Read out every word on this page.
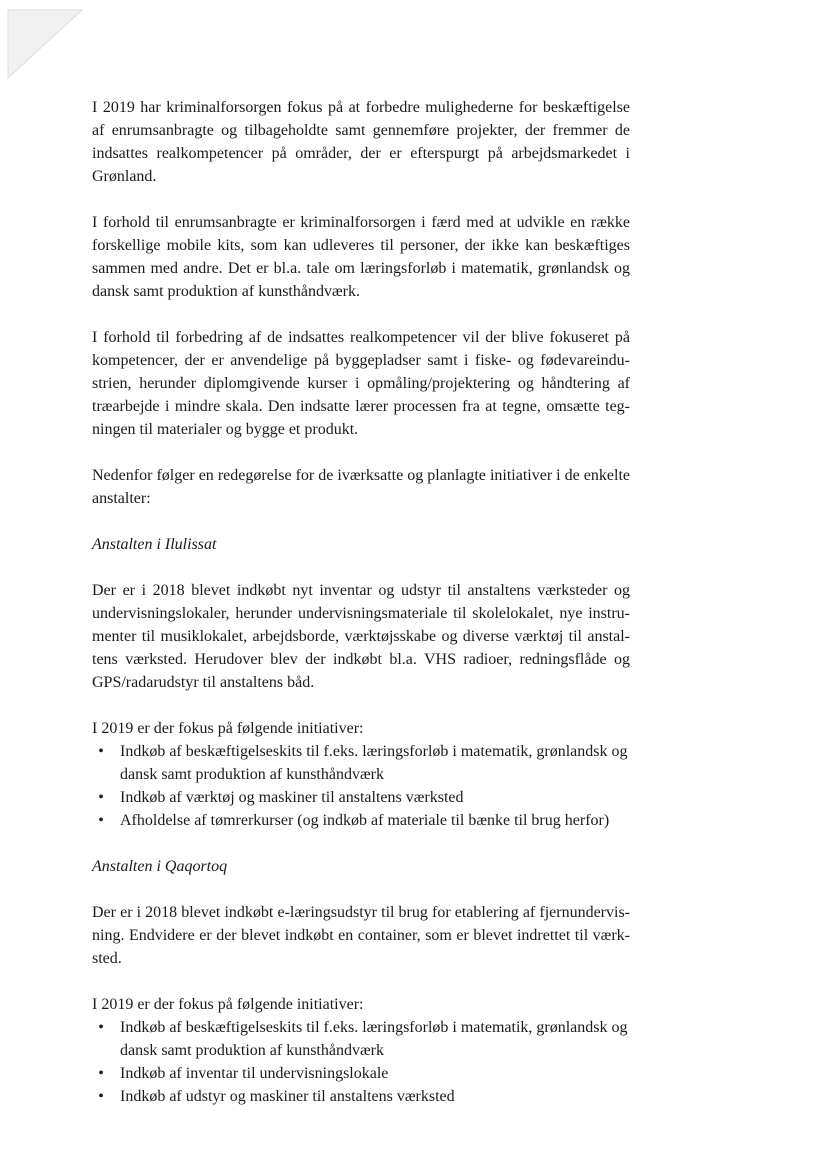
I 2019 har kriminalforsorgen fokus på at forbedre mulighederne for beskæftigelse af enrumsanbragte og tilbageholdte samt gennemføre projekter, der fremmer de indsattes realkompetencer på områder, der er efterspurgt på arbejdsmarkedet i Grønland.

I forhold til enrumsanbragte er kriminalforsorgen i færd med at udvikle en række forskellige mobile kits, som kan udleveres til personer, der ikke kan beskæftiges sammen med andre. Det er bl.a. tale om læringsforløb i matematik, grønlandsk og dansk samt produktion af kunsthåndværk.

I forhold til forbedring af de indsattes realkompetencer vil der blive fokuseret på kompetencer, der er anvendelige på byggepladser samt i fiske- og fødevareindustrien, herunder diplomgivende kurser i opmåling/projektering og håndtering af træarbejde i mindre skala. Den indsatte lærer processen fra at tegne, omsætte tegningen til materialer og bygge et produkt.

Nedenfor følger en redegørelse for de iværksatte og planlagte initiativer i de enkelte anstalter:

Anstalten i Ilulissat

Der er i 2018 blevet indkøbt nyt inventar og udstyr til anstaltens værksteder og undervisningslokaler, herunder undervisningsmateriale til skolelokalet, nye instrumenter til musiklokalet, arbejdsborde, værktøjsskabe og diverse værktøj til anstaltens værksted. Herudover blev der indkøbt bl.a. VHS radioer, redningsflåde og GPS/radarudstyr til anstaltens båd.

I 2019 er der fokus på følgende initiativer:

• Indkøb af beskæftigelseskits til f.eks. læringsforløb i matematik, grønlandsk og dansk samt produktion af kunsthåndværk
• Indkøb af værktøj og maskiner til anstaltens værksted
• Afholdelse af tømrerkurser (og indkøb af materiale til bænke til brug herfor)

Anstalten i Qaqortoq

Der er i 2018 blevet indkøbt e-læringsudstyr til brug for etablering af fjernundervisning. Endvidere er der blevet indkøbt en container, som er blevet indrettet til værksted.

I 2019 er der fokus på følgende initiativer:

• Indkøb af beskæftigelseskits til f.eks. læringsforløb i matematik, grønlandsk og dansk samt produktion af kunsthåndværk
• Indkøb af inventar til undervisningslokale
• Indkøb af udstyr og maskiner til anstaltens værksted
